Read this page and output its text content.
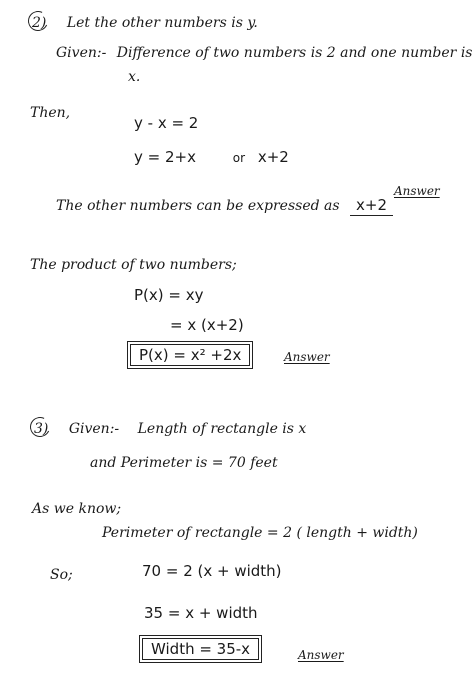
2) Let the other numbers is y.
Given:- Difference of two numbers is 2 and one number is
x.
Then,
y - x = 2
y = 2+x	or x+2
The other numbers can be expressed as x+2
Answer
The product of two numbers;
P(x) = xy
= x (x+2)
P(x) = x² +2x	Answer
3) Given:- Length of rectangle is x
and Perimeter is = 70 feet
As we know;
Perimeter of rectangle = 2 ( length + width)
So;	70 = 2 (x + width)
35 = x + width
Width = 35-x	Answer
